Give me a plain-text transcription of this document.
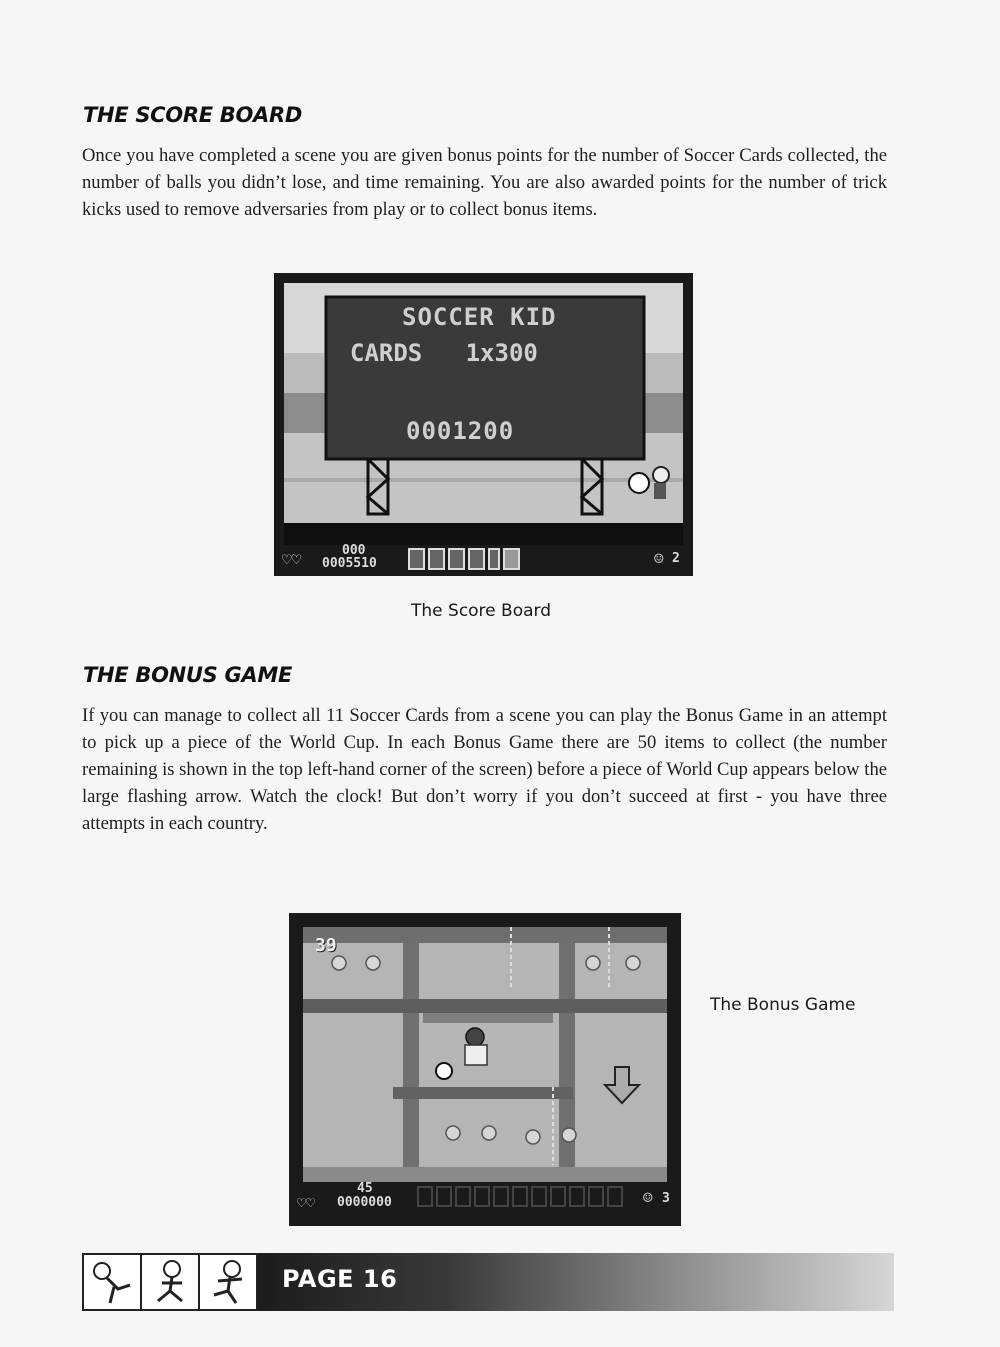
THE SCORE BOARD

Once you have completed a scene you are given bonus points for the number of Soccer Cards collected, the number of balls you didn’t lose, and time remaining. You are also awarded points for the number of trick kicks used to remove adversaries from play or to collect bonus items.

SOCCER KID
CARDS   1x300
0001200
♡♡	000
0005510	☺ 2
The Score Board
THE BONUS GAME

If you can manage to collect all 11 Soccer Cards from a scene you can play the Bonus Game in an attempt to pick up a piece of the World Cup. In each Bonus Game there are 50 items to collect (the number remaining is shown in the top left-hand corner of the screen) before a piece of World Cup appears below the large flashing arrow. Watch the clock! But don’t worry if you don’t succeed at first - you have three attempts in each country.

39
♡♡
45
0000000	☺ 3
The Bonus Game
PAGE 16
